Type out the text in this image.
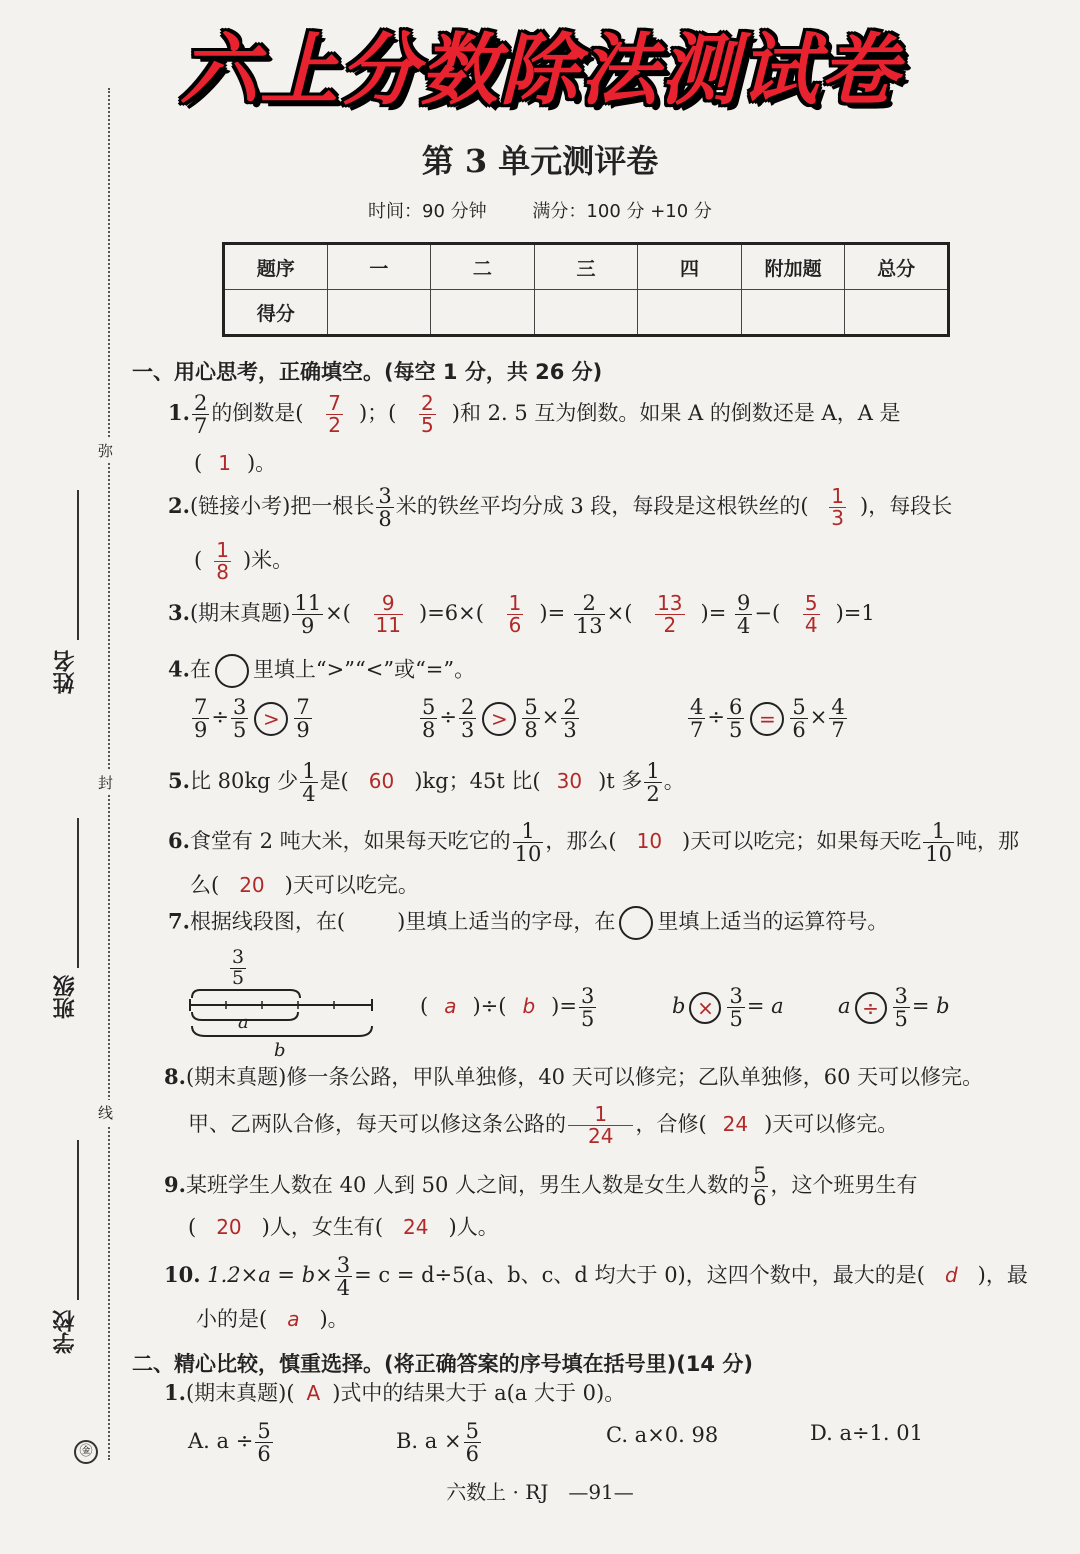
六上分数除法测试卷
弥
封
线
姓名
班级
学校
㊎
第 3 单元测评卷
时间：90 分钟	满分：100 分 +10 分
题序	一	二	三	四	附加题	总分
得分						
一、用心思考，正确填空。(每空 1 分，共 26 分)
1. $\frac{2}{7}$ 的倒数是( $\frac{7}{2}$ )；( $\frac{2}{5}$ )和 2. 5 互为倒数。如果 A 的倒数还是 A，A 是
( 1 )。
2.(链接小考)把一根长 $\frac{3}{8}$ 米的铁丝平均分成 3 段，每段是这根铁丝的( $\frac{1}{3}$ )，每段长
( $\frac{1}{8}$ )米。
3.(期末真题) $\frac{11}{9}$ ×( $\frac{9}{11} )=6\times( \frac{1}{6}$ )= $\frac{2}{13}$ ×( $\frac{13}{2}$ )= $\frac{9}{4}$ −( $\frac{5}{4} )=1$
4.在 里填上“>”“<”或“=”。
$\frac{7}{9} \div \frac{3}{5} > \frac{7}{9}$	$\frac{5}{8} \div \frac{2}{3} > \frac{5}{8} \times \frac{2}{3}$	$\frac{4}{7} \div \frac{6}{5} = \frac{5}{6} \times \frac{4}{7}$
5.比 80kg 少 $\frac{1}{4}$ 是( 60 )kg；45t 比( 30 )t 多 $\frac{1}{2}$ 。
6.食堂有 2 吨大米，如果每天吃它的 $\frac{1}{10}$ ，那么( 10 )天可以吃完；如果每天吃 $\frac{1}{10}$ 吨，那
么( 20 )天可以吃完。
7.根据线段图，在( )里填上适当的字母，在 里填上适当的运算符号。
$\frac{3}{5}$
a
b
( a )÷( b )= $\frac{3}{5}$	$b \times \frac{3}{5} = a$	$a \div \frac{3}{5} = b$
8.(期末真题)修一条公路，甲队单独修，40 天可以修完；乙队单独修，60 天可以修完。
甲、乙两队合修，每天可以修这条公路的 $\frac{1}{24}$ ，合修( 24 )天可以修完。
9.某班学生人数在 40 人到 50 人之间，男生人数是女生人数的 $\frac{5}{6}$ ，这个班男生有
( 20 )人，女生有( 24 )人。
10. $1.2\times a = b\times \frac{3}{4} = c = d\div 5(a$、b、c、d 均大于 0)，这四个数中，最大的是( d )，最
小的是( a )。
二、精心比较，慎重选择。(将正确答案的序号填在括号里)(14 分)
1.(期末真题)( A )式中的结果大于 a(a 大于 0)。
A. $a \div \frac{5}{6}$	B. $a \times \frac{5}{6}$	C. a×0. 98	D. a÷1. 01
六数上 · RJ　—91—
